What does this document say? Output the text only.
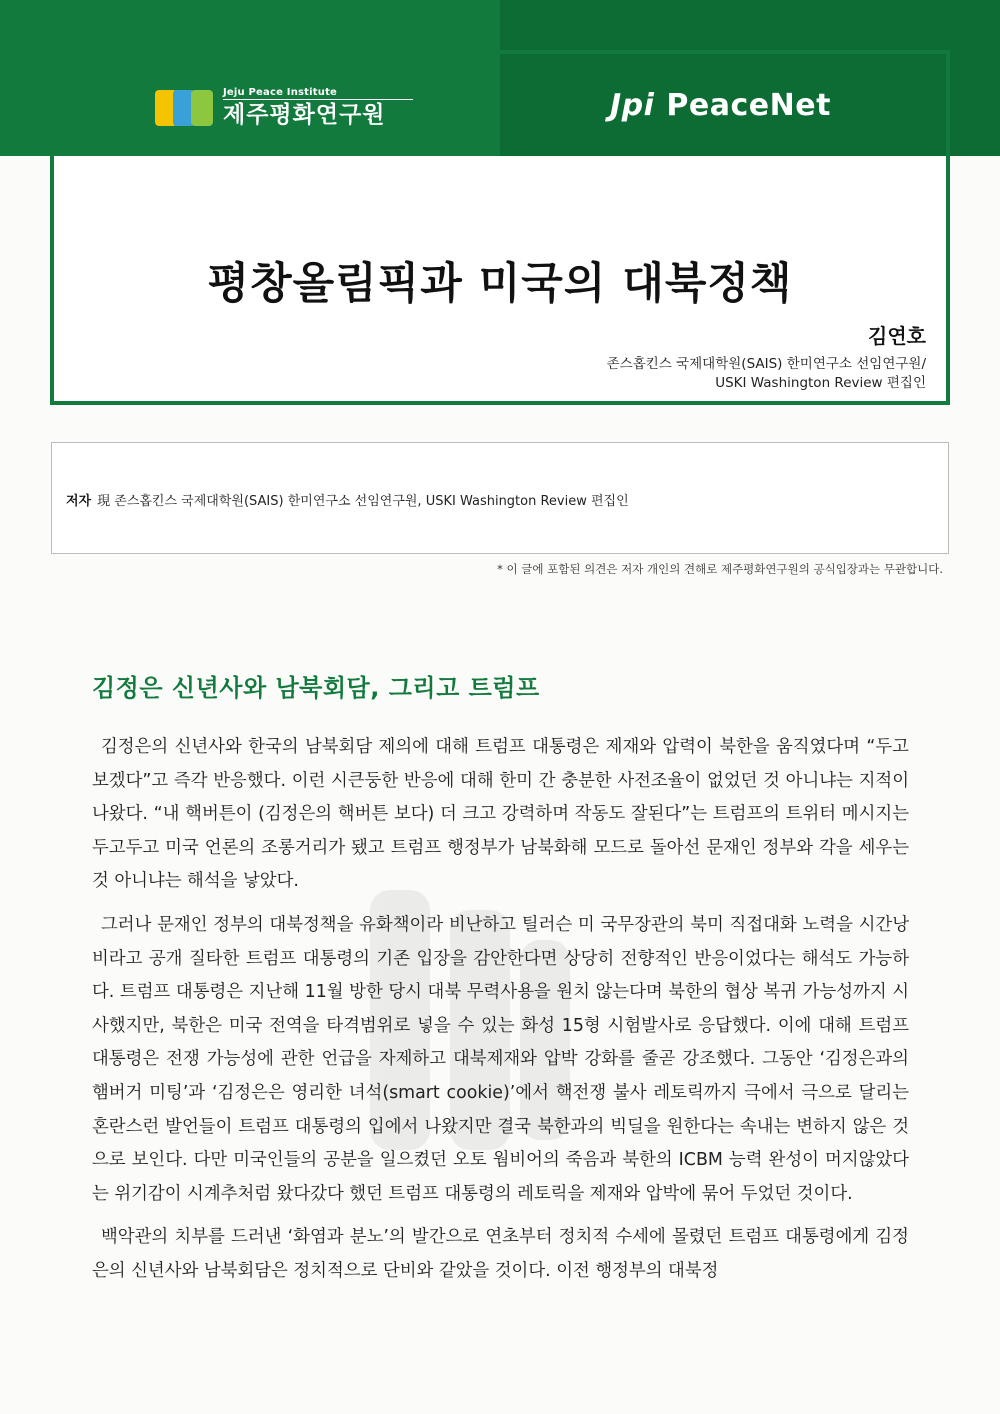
Jeju Peace Institute
제주평화연구원	Jpi PeaceNet
평창올림픽과 미국의 대북정책
김연호
존스홉킨스 국제대학원(SAIS) 한미연구소 선임연구원/
USKI Washington Review 편집인
저자 現 존스홉킨스 국제대학원(SAIS) 한미연구소 선임연구원, USKI Washington Review 편집인
* 이 글에 포함된 의견은 저자 개인의 견해로 제주평화연구원의 공식입장과는 무관합니다.
김정은 신년사와 남북회담, 그리고 트럼프

김정은의 신년사와 한국의 남북회담 제의에 대해 트럼프 대통령은 제재와 압력이 북한을 움직였다며 “두고 보겠다”고 즉각 반응했다. 이런 시큰둥한 반응에 대해 한미 간 충분한 사전조율이 없었던 것 아니냐는 지적이 나왔다. “내 핵버튼이 (김정은의 핵버튼 보다) 더 크고 강력하며 작동도 잘된다”는 트럼프의 트위터 메시지는 두고두고 미국 언론의 조롱거리가 됐고 트럼프 행정부가 남북화해 모드로 돌아선 문재인 정부와 각을 세우는 것 아니냐는 해석을 낳았다.

그러나 문재인 정부의 대북정책을 유화책이라 비난하고 틸러슨 미 국무장관의 북미 직접대화 노력을 시간낭비라고 공개 질타한 트럼프 대통령의 기존 입장을 감안한다면 상당히 전향적인 반응이었다는 해석도 가능하다. 트럼프 대통령은 지난해 11월 방한 당시 대북 무력사용을 원치 않는다며 북한의 협상 복귀 가능성까지 시사했지만, 북한은 미국 전역을 타격범위로 넣을 수 있는 화성 15형 시험발사로 응답했다. 이에 대해 트럼프 대통령은 전쟁 가능성에 관한 언급을 자제하고 대북제재와 압박 강화를 줄곧 강조했다. 그동안 ‘김정은과의 햄버거 미팅’과 ‘김정은은 영리한 녀석(smart cookie)’에서 핵전쟁 불사 레토릭까지 극에서 극으로 달리는 혼란스런 발언들이 트럼프 대통령의 입에서 나왔지만 결국 북한과의 빅딜을 원한다는 속내는 변하지 않은 것으로 보인다. 다만 미국인들의 공분을 일으켰던 오토 웜비어의 죽음과 북한의 ICBM 능력 완성이 머지않았다는 위기감이 시계추처럼 왔다갔다 했던 트럼프 대통령의 레토릭을 제재와 압박에 묶어 두었던 것이다.

백악관의 치부를 드러낸 ‘화염과 분노’의 발간으로 연초부터 정치적 수세에 몰렸던 트럼프 대통령에게 김정은의 신년사와 남북회담은 정치적으로 단비와 같았을 것이다. 이전 행정부의 대북정
